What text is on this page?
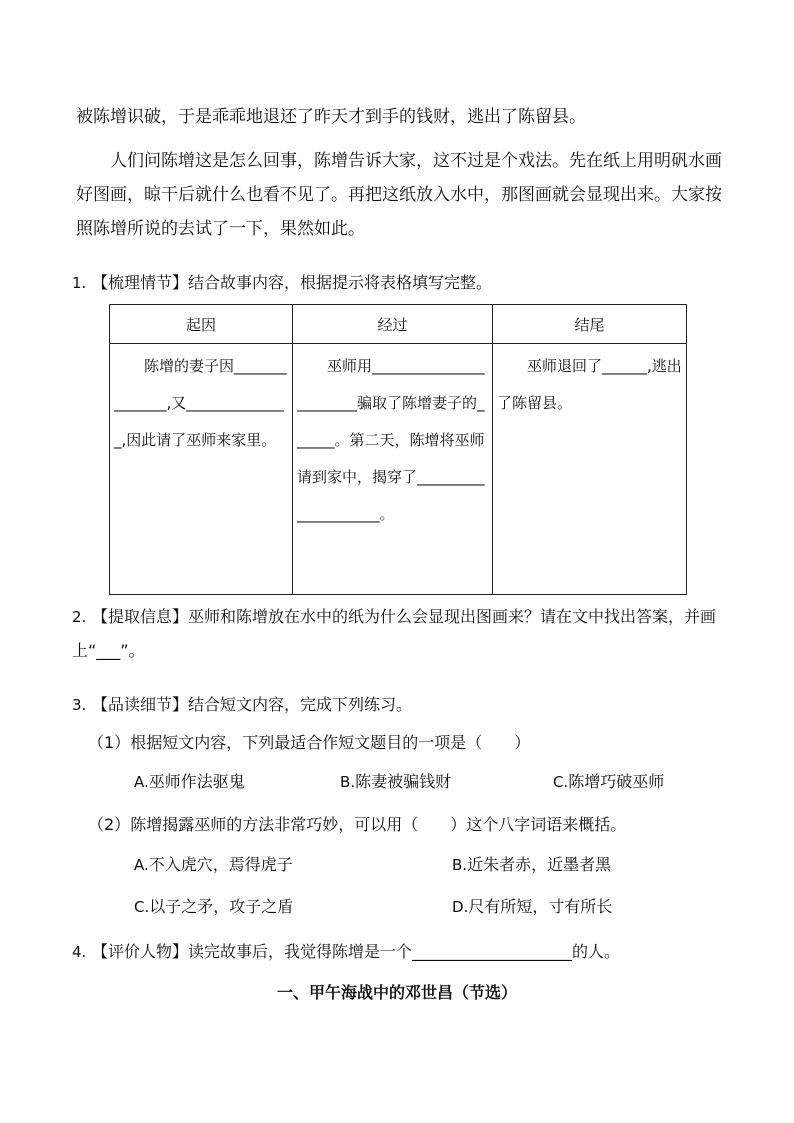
被陈增识破，于是乖乖地退还了昨天才到手的钱财，逃出了陈留县。
人们问陈增这是怎么回事，陈增告诉大家，这不过是个戏法。先在纸上用明矾水画好图画，晾干后就什么也看不见了。再把这纸放入水中，那图画就会显现出来。大家按照陈增所说的去试了一下，果然如此。
1. 【梳理情节】结合故事内容，根据提示将表格填写完整。
起因	经过	结尾

陈增的妻子因______________,又______________,因此请了巫师来家里。	巫师用_______________________骗取了陈增妻子的______。第二天，陈增将巫师请到家中，揭穿了____________________。	巫师退回了______,逃出了陈留县。
2. 【提取信息】巫师和陈增放在水中的纸为什么会显现出图画来？请在文中找出答案，并画上“___”。
3. 【品读细节】结合短文内容，完成下列练习。
（1）根据短文内容，下列最适合作短文题目的一项是（　　）
A.巫师作法驱鬼	B.陈妻被骗钱财	C.陈增巧破巫师
（2）陈增揭露巫师的方法非常巧妙，可以用（　　）这个八字词语来概括。
A.不入虎穴，焉得虎子	B.近朱者赤，近墨者黑
C.以子之矛，攻子之盾	D.尺有所短，寸有所长
4. 【评价人物】读完故事后，我觉得陈增是一个____________________的人。
一、甲午海战中的邓世昌（节选）
